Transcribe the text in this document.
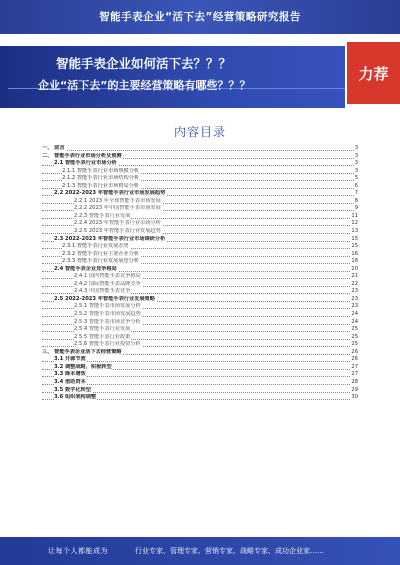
智能手表企业“活下去”经营策略研究报告
智能手表企业如何活下去？？？
企业“活下去”的主要经营策略有哪些？？？
力荐
内容目录
一、 前言	3
二、 智能手表行业市场分析及预测	3
2.1 智能手表行业市场分析	3
2.1.1 智能手表行业市场规模分析	3
2.1.2 智能手表行业市场结构分析	5
2.1.3 智能手表行业市场格局分析	6
2.2 2022-2023 年智能手表行业市场发展趋势	7
2.2.1 2023 年全球智能手表市场发展	8
2.2.2 2023 年中国智能手表市场发展	9
2.2.3 智能手表行业发展	11
2.2.4 2023 年智能手表行业市场分析	12
2.2.5 2023 年智能手表行业发展趋势	13
2.3 2022-2023 年智能手表行业市场调研分析	15
2.3.1 智能手表行业发展态势	15
2.3.2 智能手表行业主要企业分析	16
2.3.3 智能手表行业发展展望分析	18
2.4 智能手表企业竞争格局	20
2.4.1 国内智能手表竞争格局	21
2.4.2 国际智能手表品牌竞争	22
2.4.3 中国智能手表竞争	23
2.5 2022-2023 年智能手表行业发展策略	23
2.5.1 智能手表市场发展分析	23
2.5.2 智能手表市场发展趋势	24
2.5.3 智能手表市场竞争分析	24
2.5.4 智能手表行业发展	25
2.5.5 智能手表行业政策	25
2.5.6 智能手表行业投资分析	25
三、 智能手表企业活下去经营策略	26
3.1 开源节流	26
3.2 调整战略，积极转型	27
3.3 降本增效	27
3.4 借助资本	28
3.5 数字化转型	29
3.6 组织架构调整	30
让每个人都能成为	行业专家、管理专家、营销专家、战略专家、成功企业家……
